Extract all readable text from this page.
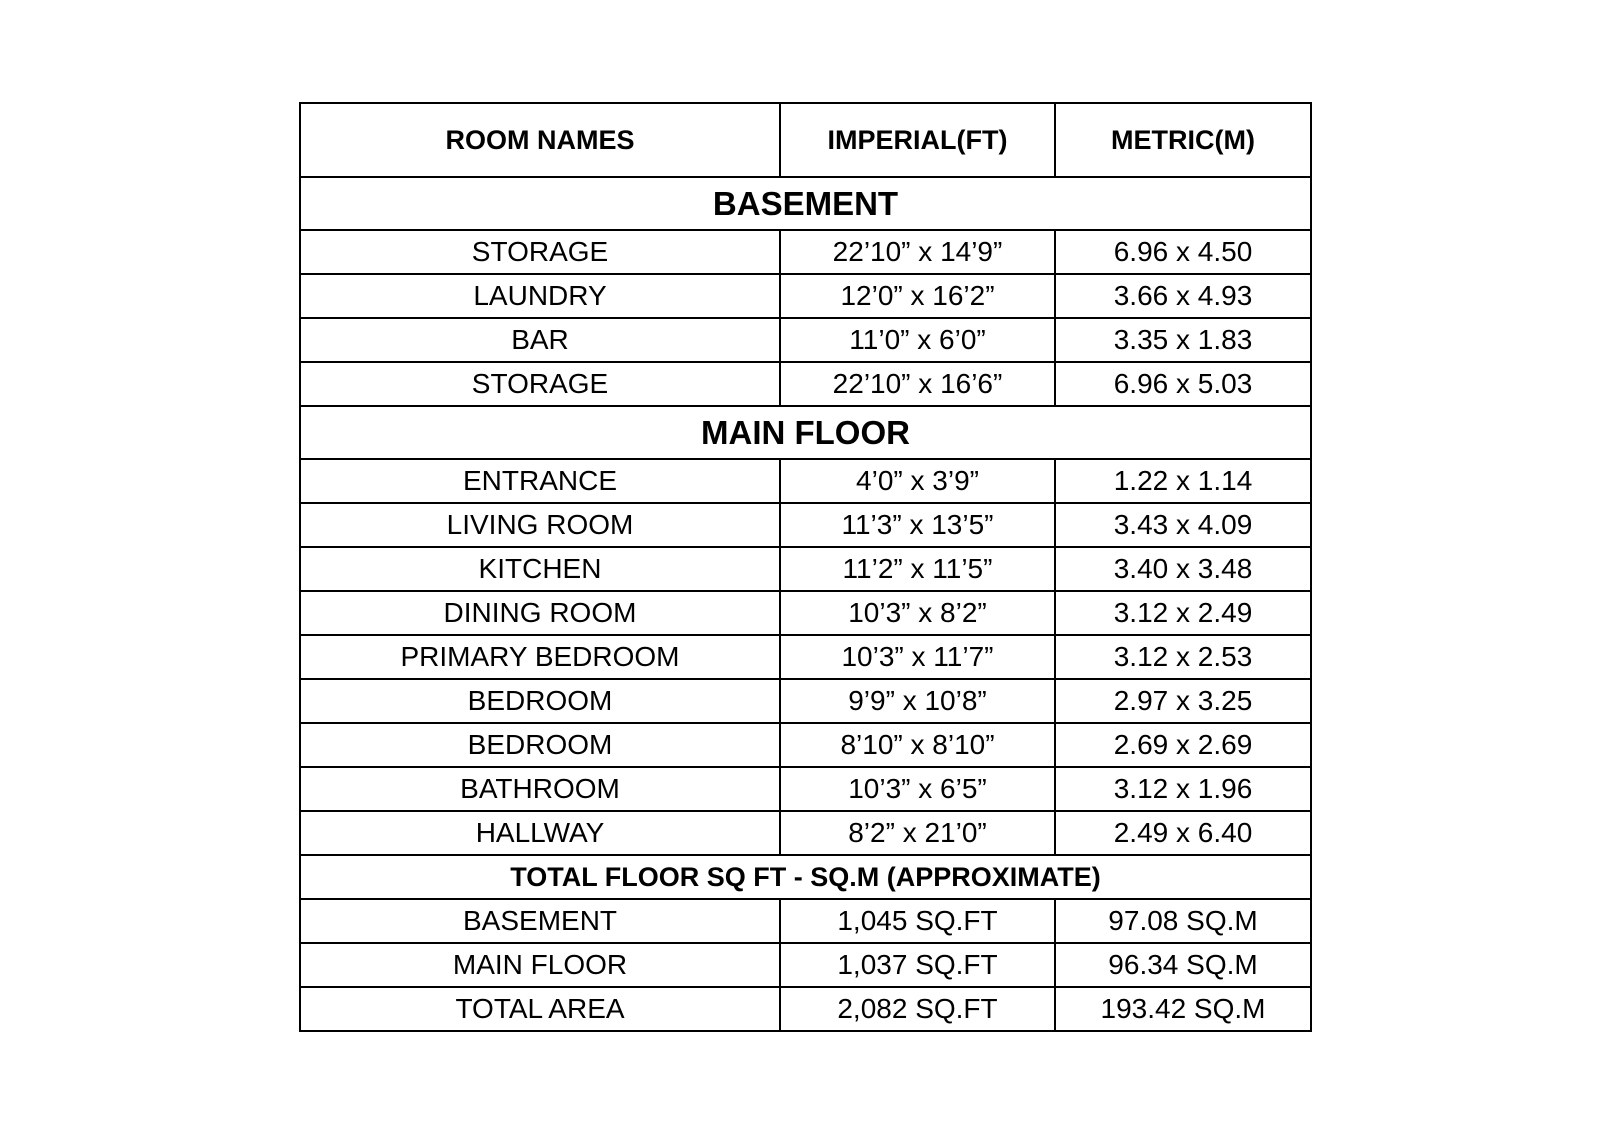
ROOM NAMES	IMPERIAL(FT)	METRIC(M)
BASEMENT		
STORAGE	22’10” x 14’9”	6.96 x 4.50
LAUNDRY	12’0” x 16’2”	3.66 x 4.93
BAR	11’0” x 6’0”	3.35 x 1.83
STORAGE	22’10” x 16’6”	6.96 x 5.03
MAIN FLOOR		
ENTRANCE	4’0” x 3’9”	1.22 x 1.14
LIVING ROOM	11’3” x 13’5”	3.43 x 4.09
KITCHEN	11’2” x 11’5”	3.40 x 3.48
DINING ROOM	10’3” x 8’2”	3.12 x 2.49
PRIMARY BEDROOM	10’3” x 11’7”	3.12 x 2.53
BEDROOM	9’9” x 10’8”	2.97 x 3.25
BEDROOM	8’10” x 8’10”	2.69 x 2.69
BATHROOM	10’3” x 6’5”	3.12 x 1.96
HALLWAY	8’2” x 21’0”	2.49 x 6.40
TOTAL FLOOR SQ FT - SQ.M (APPROXIMATE)		
BASEMENT	1,045 SQ.FT	97.08 SQ.M
MAIN FLOOR	1,037 SQ.FT	96.34 SQ.M
TOTAL AREA	2,082 SQ.FT	193.42 SQ.M
